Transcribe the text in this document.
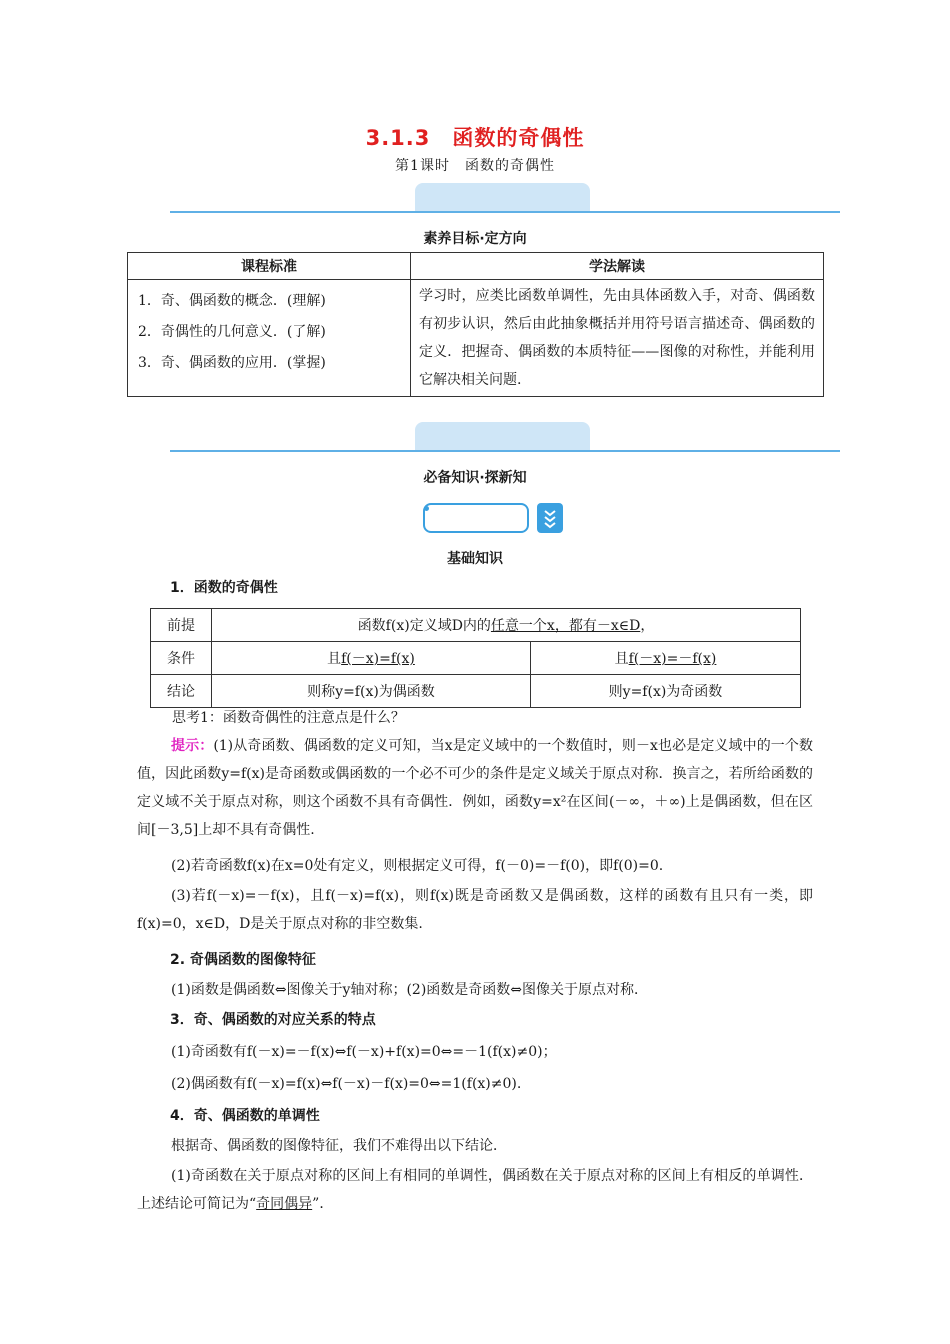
3.1.3　函数的奇偶性
第1课时　函数的奇偶性
素养目标·定方向
课程标准	学法解读

1．奇、偶函数的概念．(理解)
2．奇偶性的几何意义．(了解)
3．奇、偶函数的应用．(掌握)	学习时，应类比函数单调性，先由具体函数入手，对奇、偶函数有初步认识，然后由此抽象概括并用符号语言描述奇、偶函数的定义．把握奇、偶函数的本质特征——图像的对称性，并能利用它解决相关问题.
必备知识·探新知
基础知识
1．函数的奇偶性
前提	函数f(x)定义域D内的任意一个x，都有－x∈D，	
条件	且f(－x)=f(x)	且f(－x)=－f(x)
结论	则称y=f(x)为偶函数	则y=f(x)为奇函数
思考1：函数奇偶性的注意点是什么？
提示：(1)从奇函数、偶函数的定义可知，当x是定义域中的一个数值时，则－x也必是定义域中的一个数值，因此函数y=f(x)是奇函数或偶函数的一个必不可少的条件是定义域关于原点对称．换言之，若所给函数的定义域不关于原点对称，则这个函数不具有奇偶性．例如，函数y=x²在区间(－∞，＋∞)上是偶函数，但在区间[－3,5]上却不具有奇偶性.
(2)若奇函数f(x)在x=0处有定义，则根据定义可得，f(－0)=－f(0)，即f(0)=0.
(3)若f(－x)=－f(x)，且f(－x)=f(x)，则f(x)既是奇函数又是偶函数，这样的函数有且只有一类，即f(x)=0，x∈D，D是关于原点对称的非空数集.
2. 奇偶函数的图像特征
(1)函数是偶函数⇔图像关于y轴对称；(2)函数是奇函数⇔图像关于原点对称．
3．奇、偶函数的对应关系的特点
(1)奇函数有f(－x)=－f(x)⇔f(－x)+f(x)=0⇔=－1(f(x)≠0)；
(2)偶函数有f(－x)=f(x)⇔f(－x)－f(x)=0⇔=1(f(x)≠0).
4．奇、偶函数的单调性
根据奇、偶函数的图像特征，我们不难得出以下结论．
(1)奇函数在关于原点对称的区间上有相同的单调性，偶函数在关于原点对称的区间上有相反的单调性．上述结论可简记为“奇同偶异”．
